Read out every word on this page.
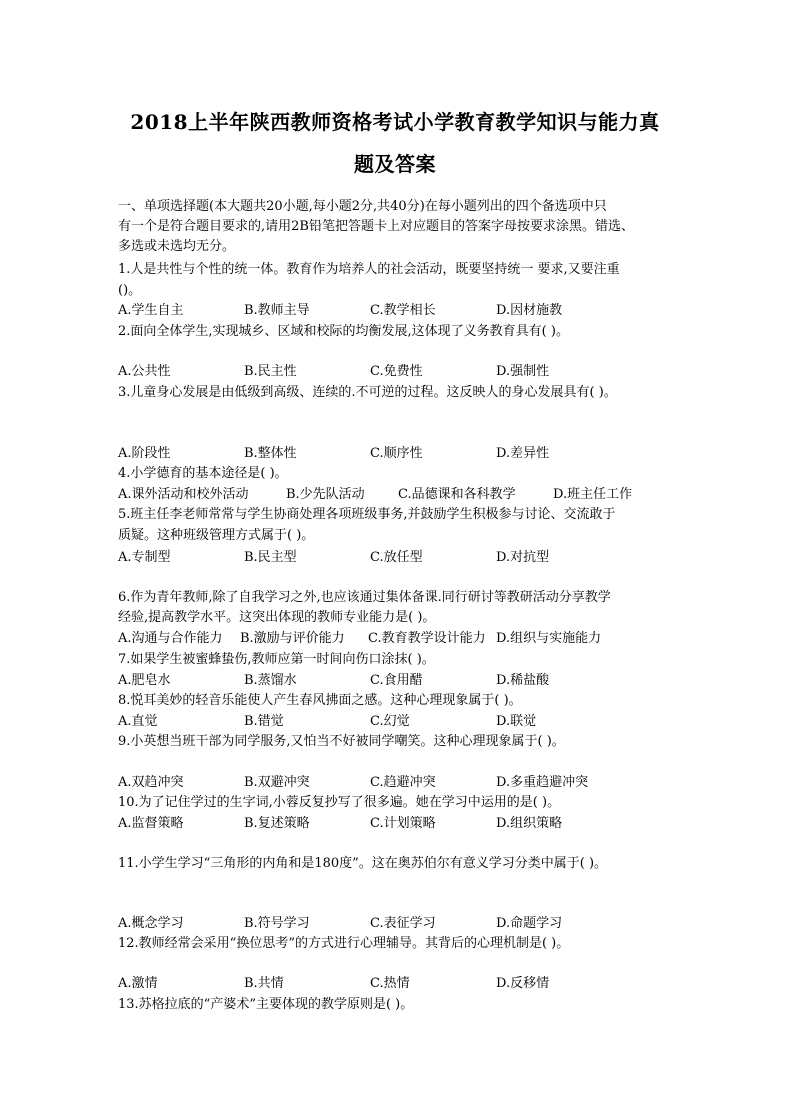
2018上半年陕西教师资格考试小学教育教学知识与能力真
题及答案
一、单项选择题(本大题共20小题,每小题2分,共40分)在每小题列出的四个备选项中只
有一个是符合题目要求的,请用2B铅笔把答题卡上对应题目的答案字母按要求涂黑。错选、
多选或未选均无分。
1.人是共性与个性的统一体。教育作为培养人的社会活动，既要坚持统一 要求,又要注重
()。
A.学生自主	B.教师主导	C.教学相长	D.因材施教
2.面向全体学生,实现城乡、区域和校际的均衡发展,这体现了义务教育具有( )。
A.公共性	B.民主性	C.免费性	D.强制性
3.儿童身心发展是由低级到高级、连续的.不可逆的过程。这反映人的身心发展具有( )。
A.阶段性	B.整体性	C.顺序性	D.差异性
4.小学德育的基本途径是( )。
A.课外活动和校外活动	B.少先队活动	C.品德课和各科教学	D.班主任工作
5.班主任李老师常常与学生协商处理各项班级事务,并鼓励学生积极参与讨论、交流敢于
质疑。这种班级管理方式属于( )。
A.专制型	B.民主型	C.放任型	D.对抗型
6.作为青年教师,除了自我学习之外,也应该通过集体备课.同行研讨等教研活动分享教学
经验,提高教学水平。这突出体现的教师专业能力是( )。
A.沟通与合作能力 B.激励与评价能力 C.教育教学设计能力 D.组织与实施能力
7.如果学生被蜜蜂蛰伤,教师应第一时间向伤口涂抹( )。
A.肥皂水	B.蒸馏水	C.食用醋	D.稀盐酸
8.悦耳美妙的轻音乐能使人产生春风拂面之感。这种心理现象属于( )。
A.直觉	B.错觉	C.幻觉	D.联觉
9.小英想当班干部为同学服务,又怕当不好被同学嘲笑。这种心理现象属于( )。
A.双趋冲突	B.双避冲突	C.趋避冲突	D.多重趋避冲突
10.为了记住学过的生字词,小蓉反复抄写了很多遍。她在学习中运用的是( )。
A.监督策略	B.复述策略	C.计划策略	D.组织策略
11.小学生学习“三角形的内角和是180度”。这在奥苏伯尔有意义学习分类中属于( )。
A.概念学习	B.符号学习	C.表征学习	D.命题学习
12.教师经常会采用“换位思考”的方式进行心理辅导。其背后的心理机制是( )。
A.激情	B.共情	C.热情	D.反移情
13.苏格拉底的“产婆术”主要体现的教学原则是( )。
